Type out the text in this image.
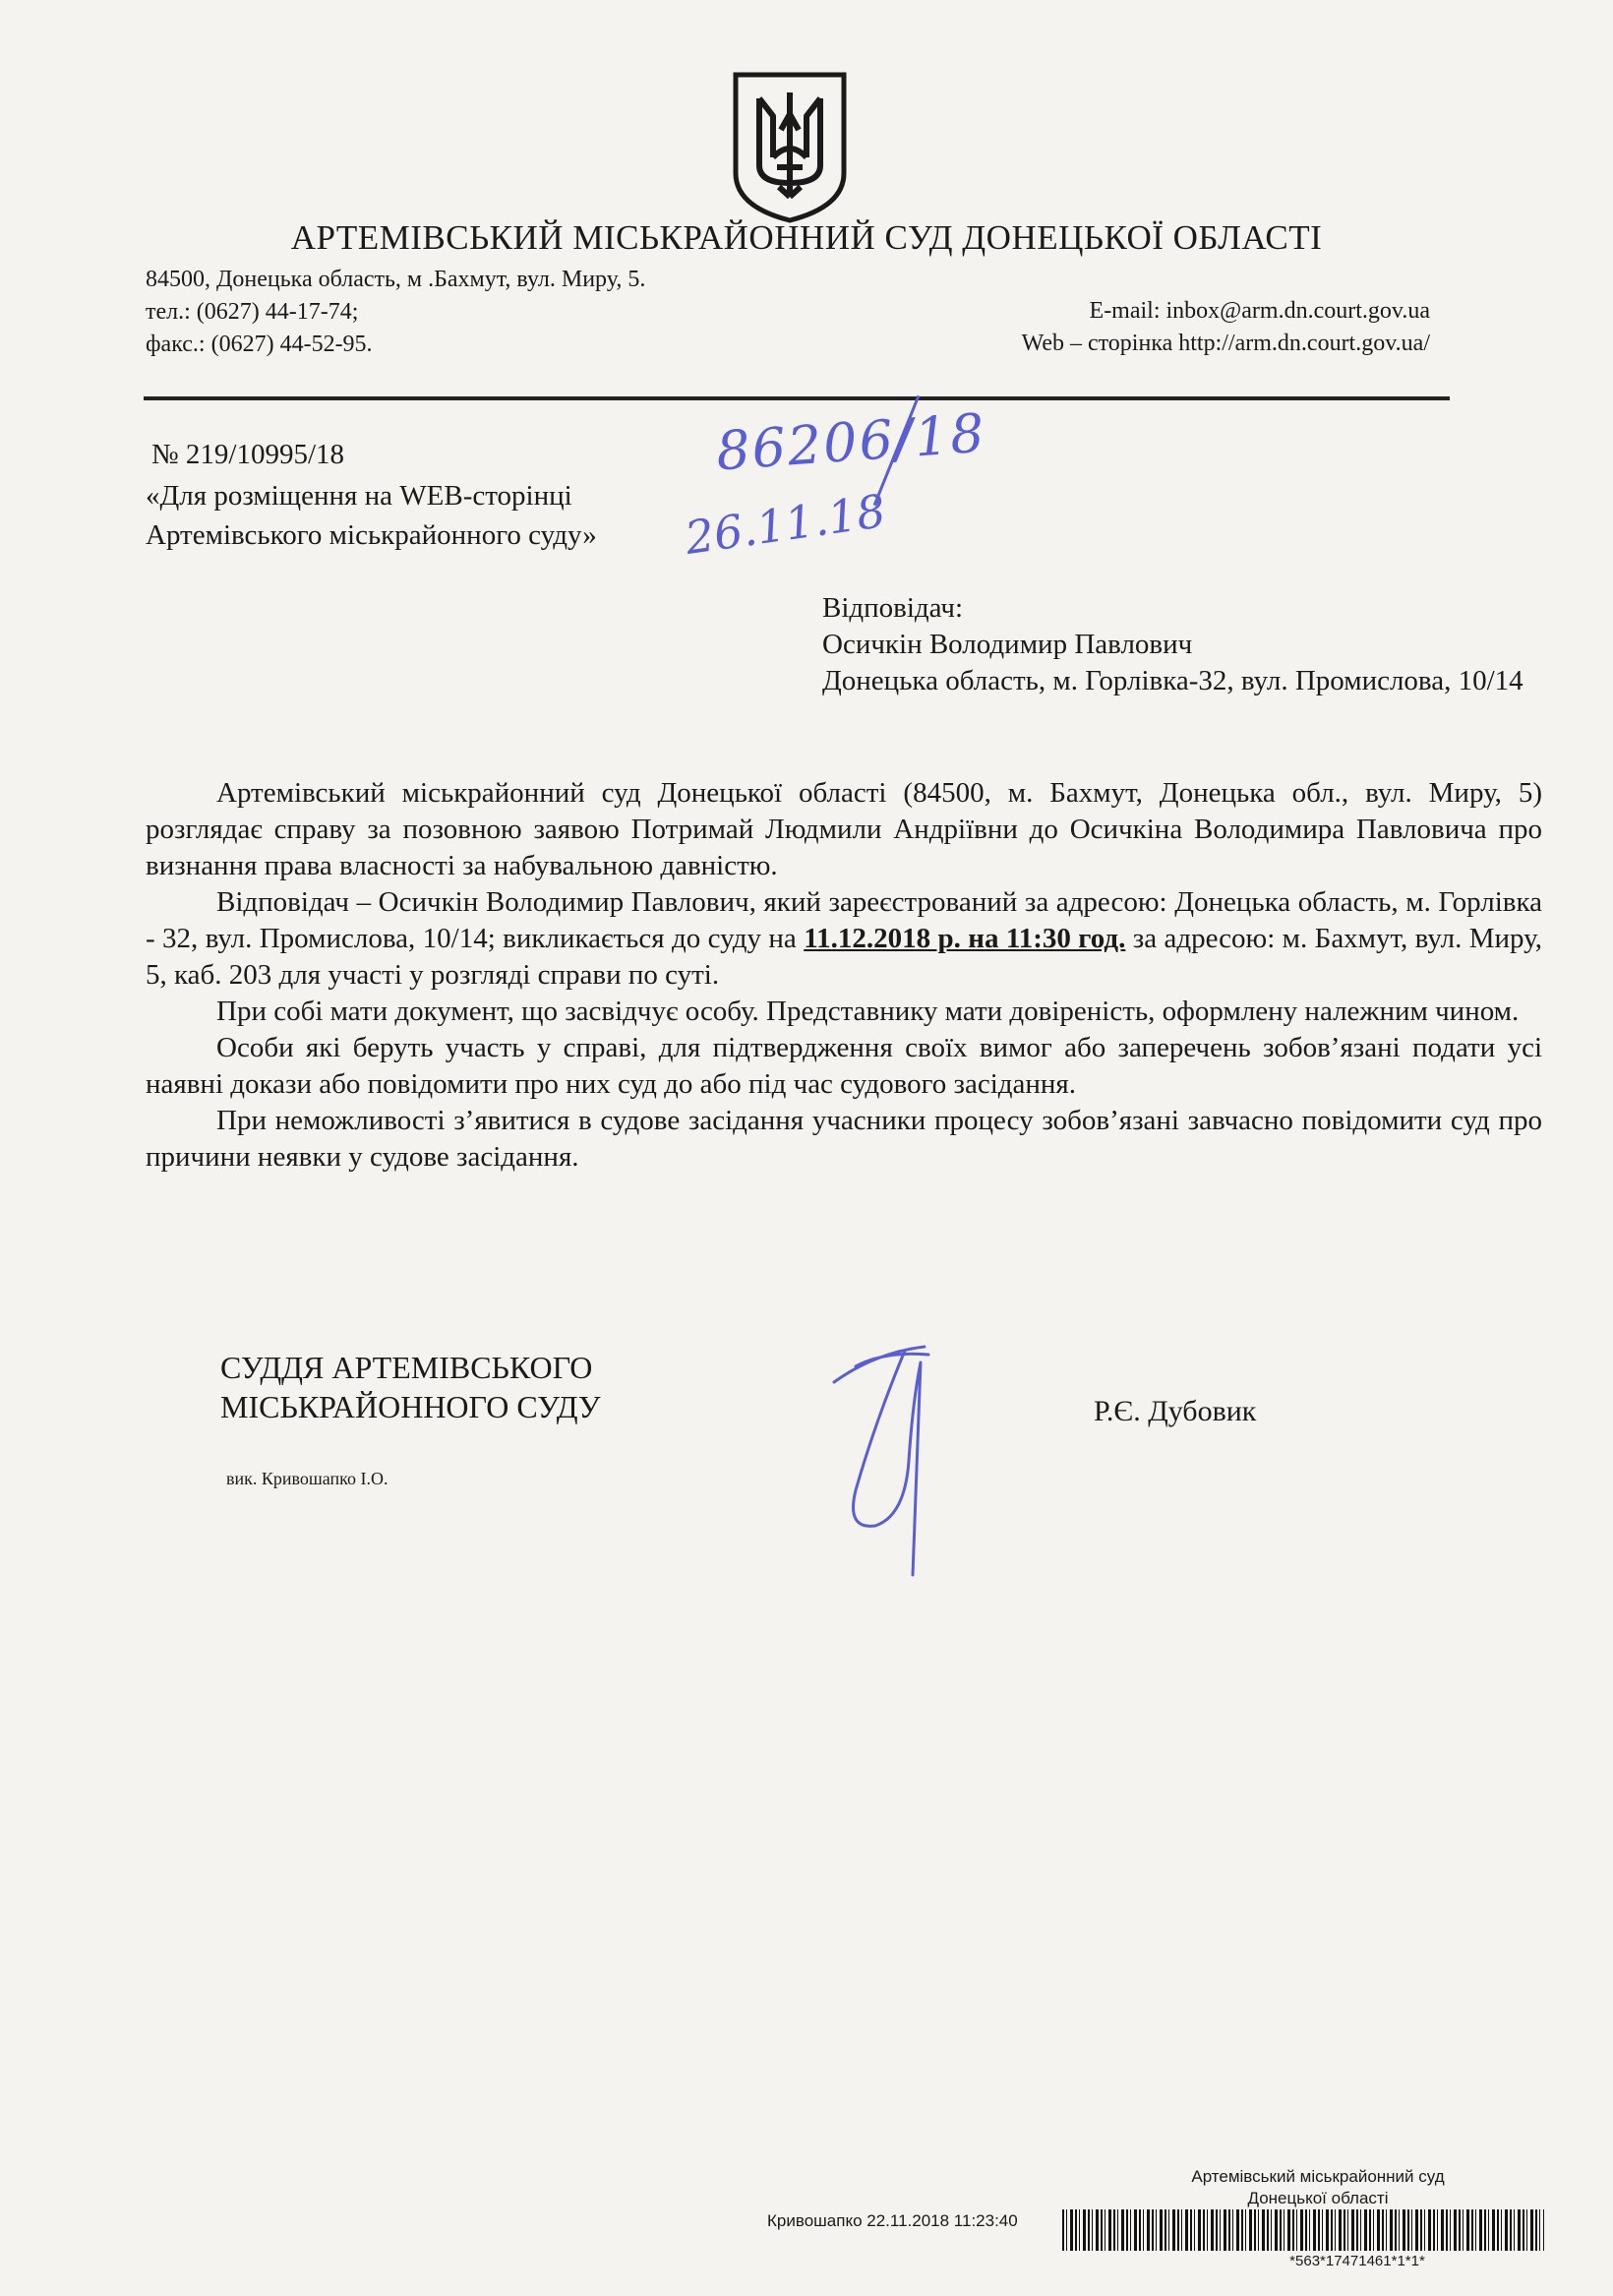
АРТЕМІВСЬКИЙ МІСЬКРАЙОННИЙ СУД ДОНЕЦЬКОЇ ОБЛАСТІ
84500, Донецька область, м .Бахмут, вул. Миру, 5.
тел.: (0627) 44-17-74;
факс.: (0627) 44-52-95.
E-mail: inbox@arm.dn.court.gov.ua
Web – сторінка http://arm.dn.court.gov.ua/
№ 219/10995/18
«Для розміщення на WEB-сторінці
Артемівського міськрайонного суду»
86206/18
26.11.18
Відповідач:
Осичкін Володимир Павлович
Донецька область, м. Горлівка-32, вул. Промислова, 10/14

Артемівський міськрайонний суд Донецької області (84500, м. Бахмут, Донецька обл., вул. Миру, 5) розглядає справу за позовною заявою Потримай Людмили Андріївни до Осичкіна Володимира Павловича про визнання права власності за набувальною давністю.

Відповідач – Осичкін Володимир Павлович, який зареєстрований за адресою: Донецька область, м. Горлівка - 32, вул. Промислова, 10/14; викликається до суду на 11.12.2018 р. на 11:30 год. за адресою: м. Бахмут, вул. Миру, 5, каб. 203 для участі у розгляді справи по суті.

При собі мати документ, що засвідчує особу. Представнику мати довіреність, оформлену належним чином.

Особи які беруть участь у справі, для підтвердження своїх вимог або заперечень зобов’язані подати усі наявні докази або повідомити про них суд до або під час судового засідання.

При неможливості з’явитися в судове засідання учасники процесу зобов’язані завчасно повідомити суд про причини неявки у судове засідання.

СУДДЯ АРТЕМІВСЬКОГО
МІСЬКРАЙОННОГО СУДУ	Р.Є. Дубовик
вик. Кривошапко І.О.
Артемівський міськрайонний суд
Донецької області
Кривошапко 22.11.2018 11:23:40
*563*17471461*1*1*
